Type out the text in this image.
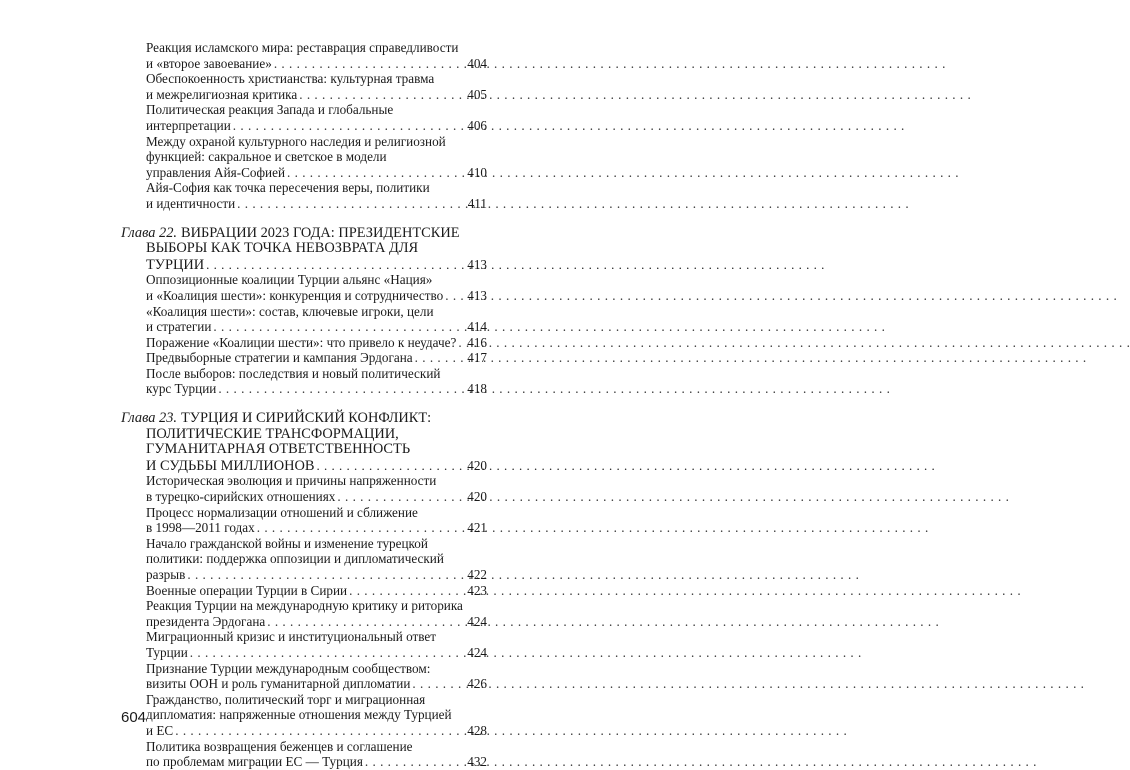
Реакция исламского мира: реставрация справедливости
и «второе завоевание» . . .	404
Обеспокоенность христианства: культурная травма
и межрелигиозная критика . . .	405
Политическая реакция Запада и глобальные
интерпретации . . .	406
Между охраной культурного наследия и религиозной
функцией: сакральное и светское в модели
управления Айя-Софией . . .	410
Айя-София как точка пересечения веры, политики
и идентичности . . .	411
Глава 22. ВИБРАЦИИ 2023 ГОДА: ПРЕЗИДЕНТСКИЕ
ВЫБОРЫ КАК ТОЧКА НЕВОЗВРАТА ДЛЯ
ТУРЦИИ . . .	413
Оппозиционные коалиции Турции альянс «Нация»
и «Коалиция шести»: конкуренция и сотрудничество . . .	413
«Коалиция шести»: состав, ключевые игроки, цели
и стратегии . . .	414
Поражение «Коалиции шести»: что привело к неудаче? . . . 416
Предвыборные стратегии и кампания Эрдогана . . .	417
После выборов: последствия и новый политический
курс Турции . . .	418
Глава 23. ТУРЦИЯ И СИРИЙСКИЙ КОНФЛИКТ:
ПОЛИТИЧЕСКИЕ ТРАНСФОРМАЦИИ,
ГУМАНИТАРНАЯ ОТВЕТСТВЕННОСТЬ
И СУДЬБЫ МИЛЛИОНОВ . . .	420
Историческая эволюция и причины напряженности
в турецко-сирийских отношениях . . .	420
Процесс нормализации отношений и сближение
в 1998—2011 годах . . .	421
Начало гражданской войны и изменение турецкой
политики: поддержка оппозиции и дипломатический
разрыв . . .	422
Военные операции Турции в Сирии . . .	423
Реакция Турции на международную критику и риторика
президента Эрдогана . . .	424
Миграционный кризис и институциональный ответ
Турции . . .	424
Признание Турции международным сообществом:
визиты ООН и роль гуманитарной дипломатии . . .	426
Гражданство, политический торг и миграционная
дипломатия: напряженные отношения между Турцией
и ЕС . . .	428
Политика возвращения беженцев и соглашение
по проблемам миграции ЕС — Турция . . .	432
604
